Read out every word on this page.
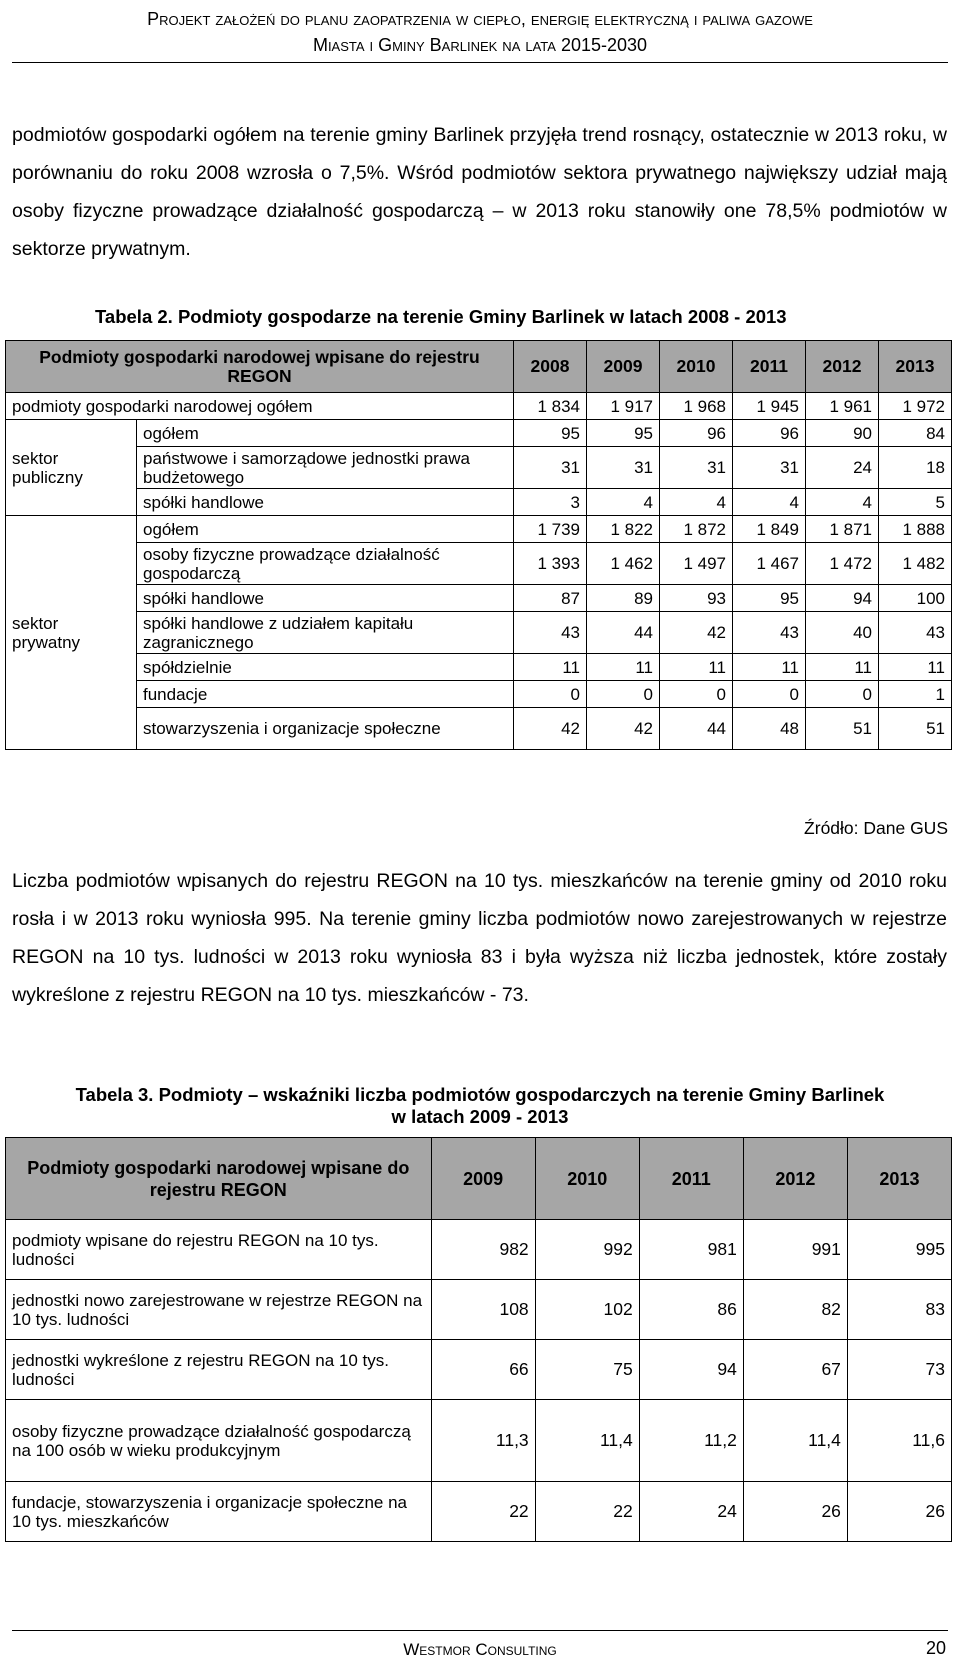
Projekt założeń do planu zaopatrzenia w ciepło, energię elektryczną i paliwa gazowe
Miasta i Gminy Barlinek na lata 2015-2030
podmiotów gospodarki ogółem na terenie gminy Barlinek przyjęła trend rosnący, ostatecznie w 2013 roku, w porównaniu do roku 2008 wzrosła o 7,5%. Wśród podmiotów sektora prywatnego największy udział mają osoby fizyczne prowadzące działalność gospodarczą – w 2013 roku stanowiły one 78,5% podmiotów w sektorze prywatnym.
Tabela 2. Podmioty gospodarze na terenie Gminy Barlinek w latach 2008 - 2013
Podmioty gospodarki narodowej wpisane do rejestru REGON		2008	2009	2010	2011	2012	2013
podmioty gospodarki narodowej ogółem		1 834	1 917	1 968	1 945	1 961	1 972
sektor publiczny	ogółem	95	95	96	96	90	84
	państwowe i samorządowe jednostki prawa budżetowego	31	31	31	31	24	18
	spółki handlowe	3	4	4	4	4	5
sektor prywatny	ogółem	1 739	1 822	1 872	1 849	1 871	1 888
	osoby fizyczne prowadzące działalność gospodarczą	1 393	1 462	1 497	1 467	1 472	1 482
	spółki handlowe	87	89	93	95	94	100
	spółki handlowe z udziałem kapitału zagranicznego	43	44	42	43	40	43
	spółdzielnie	11	11	11	11	11	11
	fundacje	0	0	0	0	0	1
	stowarzyszenia i organizacje społeczne	42	42	44	48	51	51
Źródło: Dane GUS
Liczba podmiotów wpisanych do rejestru REGON na 10 tys. mieszkańców na terenie gminy od 2010 roku rosła i w 2013 roku wyniosła 995. Na terenie gminy liczba podmiotów nowo zarejestrowanych w rejestrze REGON na 10 tys. ludności w 2013 roku wyniosła 83 i była wyższa niż liczba jednostek, które zostały wykreślone z rejestru REGON na 10 tys. mieszkańców - 73.
Tabela 3. Podmioty – wskaźniki liczba podmiotów gospodarczych na terenie Gminy Barlinek
w latach 2009 - 2013
Podmioty gospodarki narodowej wpisane do rejestru REGON	2009	2010	2011	2012	2013
podmioty wpisane do rejestru REGON na 10 tys. ludności	982	992	981	991	995
jednostki nowo zarejestrowane w rejestrze REGON na 10 tys. ludności	108	102	86	82	83
jednostki wykreślone z rejestru REGON na 10 tys. ludności	66	75	94	67	73
osoby fizyczne prowadzące działalność gospodarczą na 100 osób w wieku produkcyjnym	11,3	11,4	11,2	11,4	11,6
fundacje, stowarzyszenia i organizacje społeczne na 10 tys. mieszkańców	22	22	24	26	26
Westmor Consulting	20
